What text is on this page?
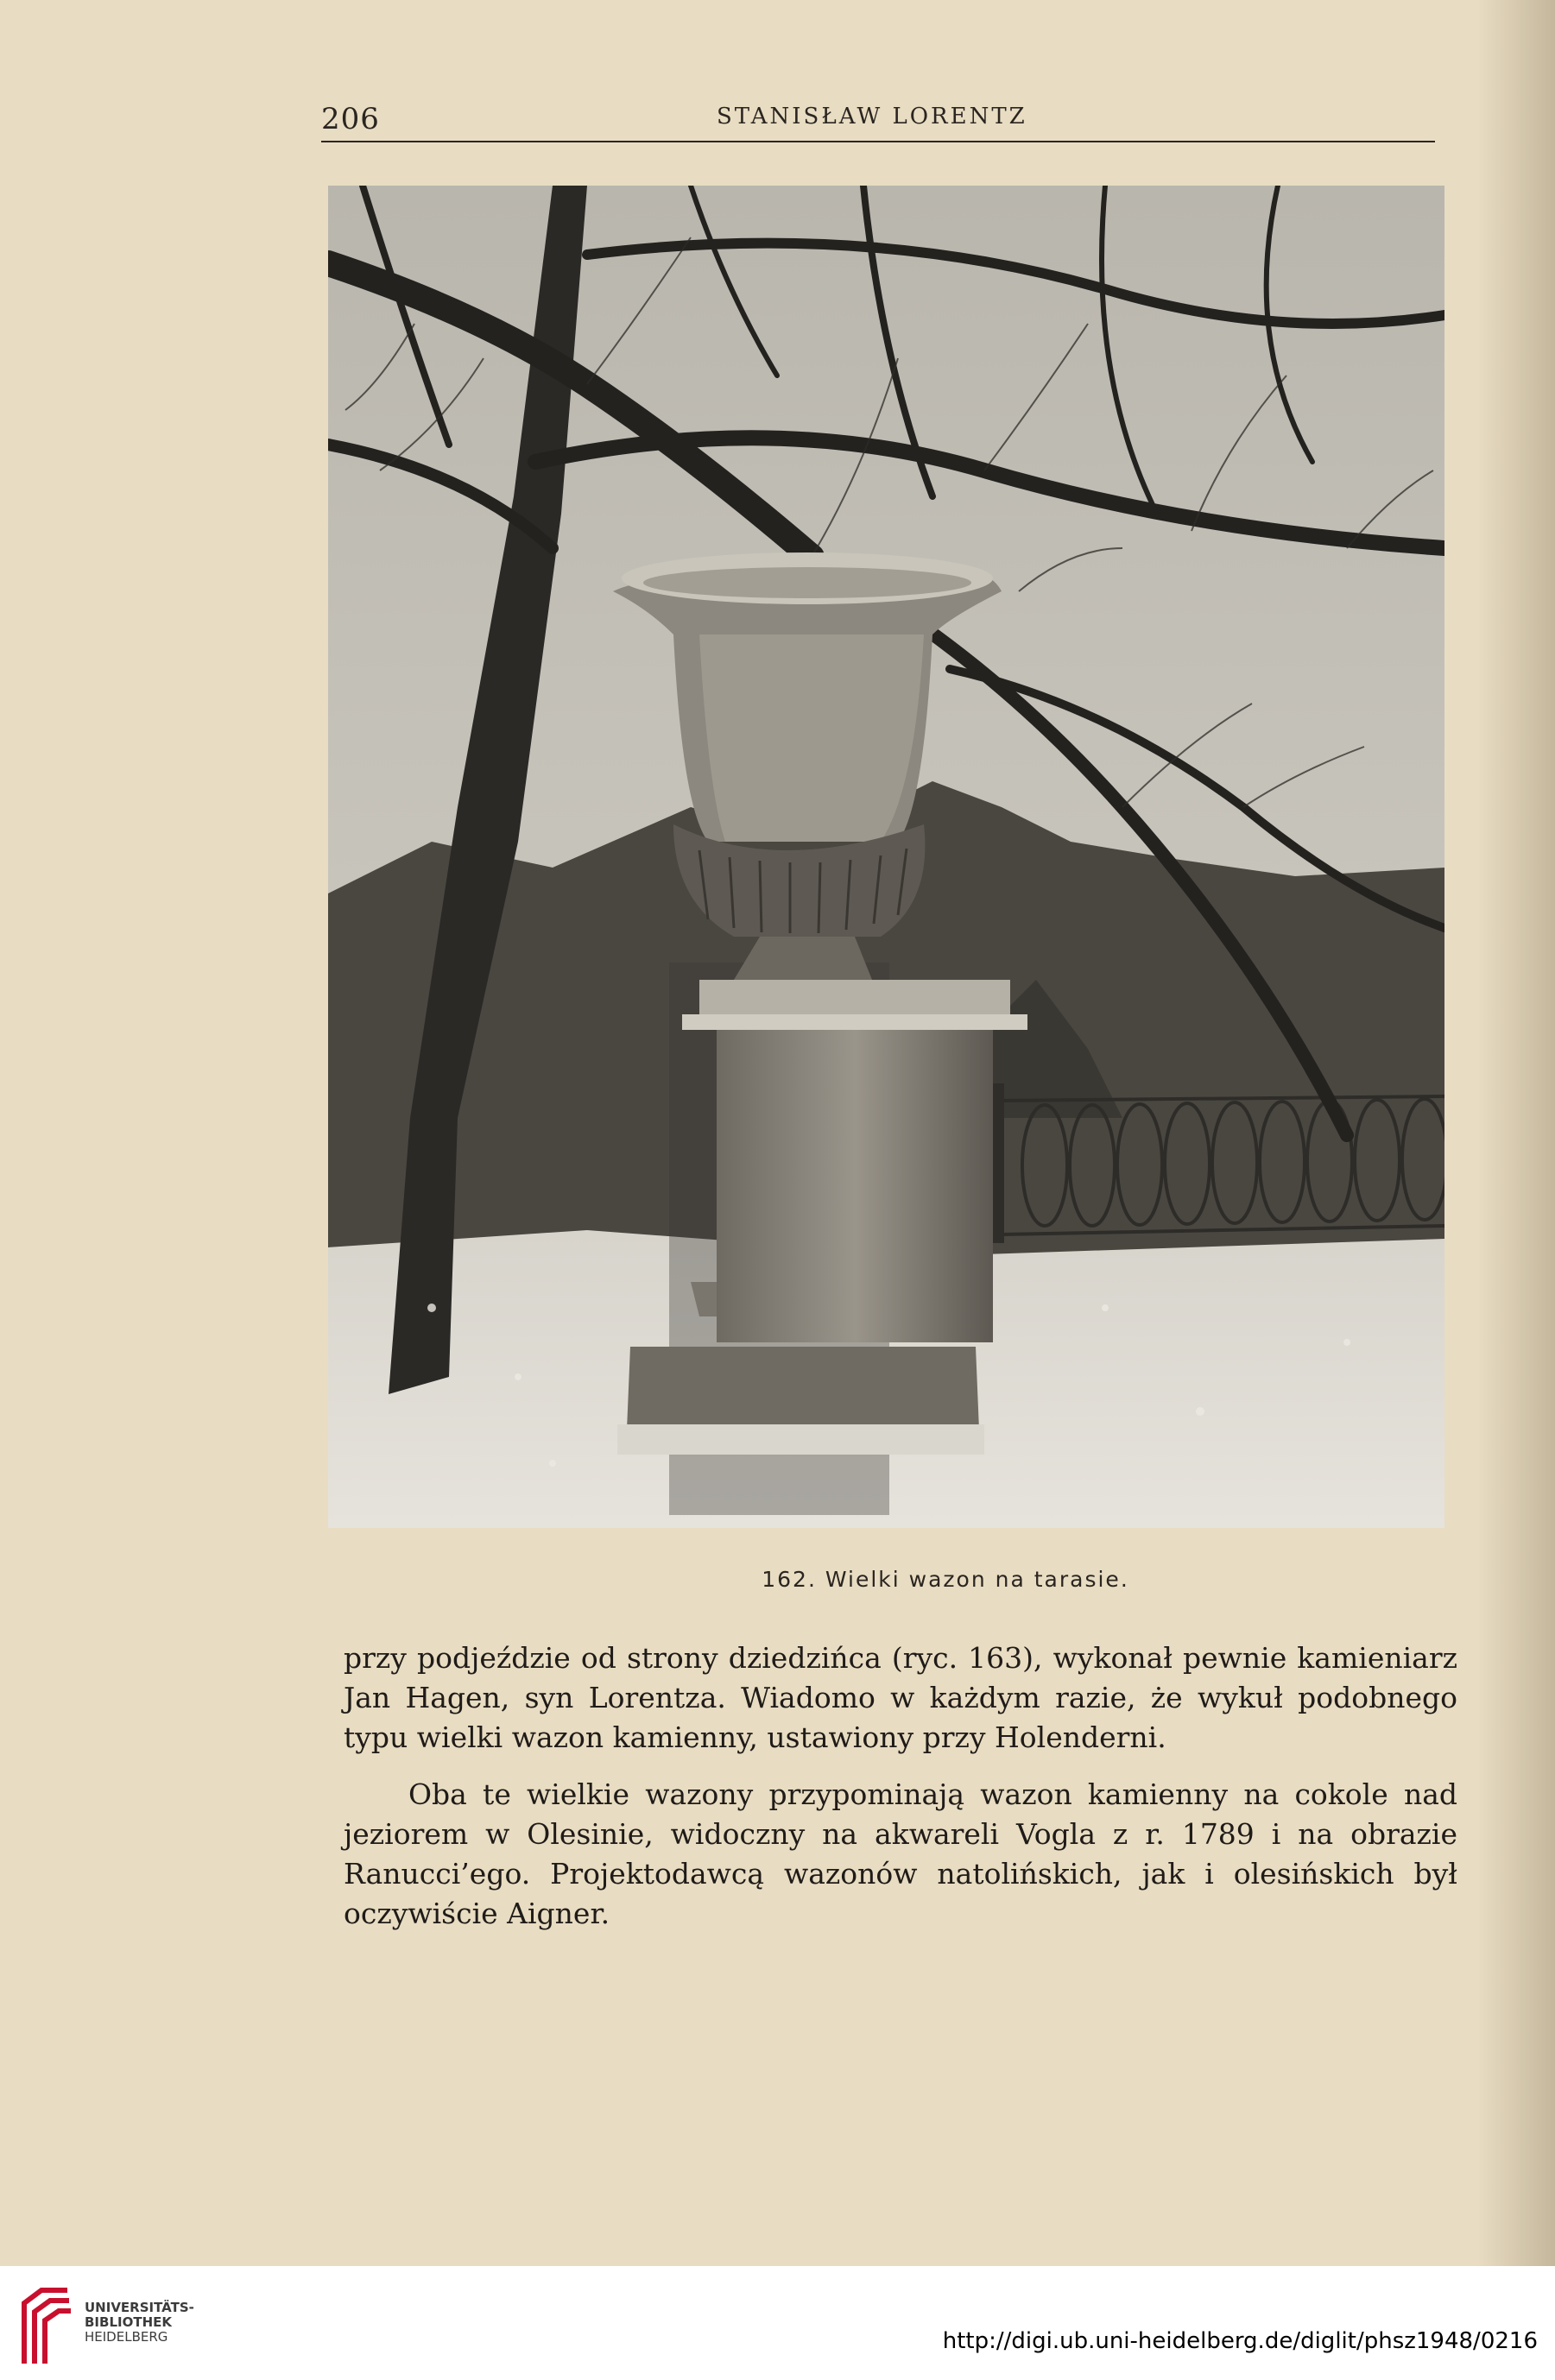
206	STANISŁAW LORENTZ
162. Wielki wazon na tarasie.

przy podjeździe od strony dziedzińca (ryc. 163), wykonał pewnie kamieniarz Jan Hagen, syn Lorentza. Wiadomo w każdym razie, że wykuł podobnego typu wielki wazon kamienny, ustawiony przy Holenderni.

Oba te wielkie wazony przypominają wazon kamienny na cokole nad jeziorem w Olesinie, widoczny na akwareli Vogla z r. 1789 i na obrazie Ranucci’ego. Projektodawcą wazonów natolińskich, jak i olesińskich był oczywiście Aigner.

UNIVERSITÄTS-
BIBLIOTHEK
HEIDELBERG	http://digi.ub.uni-heidelberg.de/diglit/phsz1948/0216
